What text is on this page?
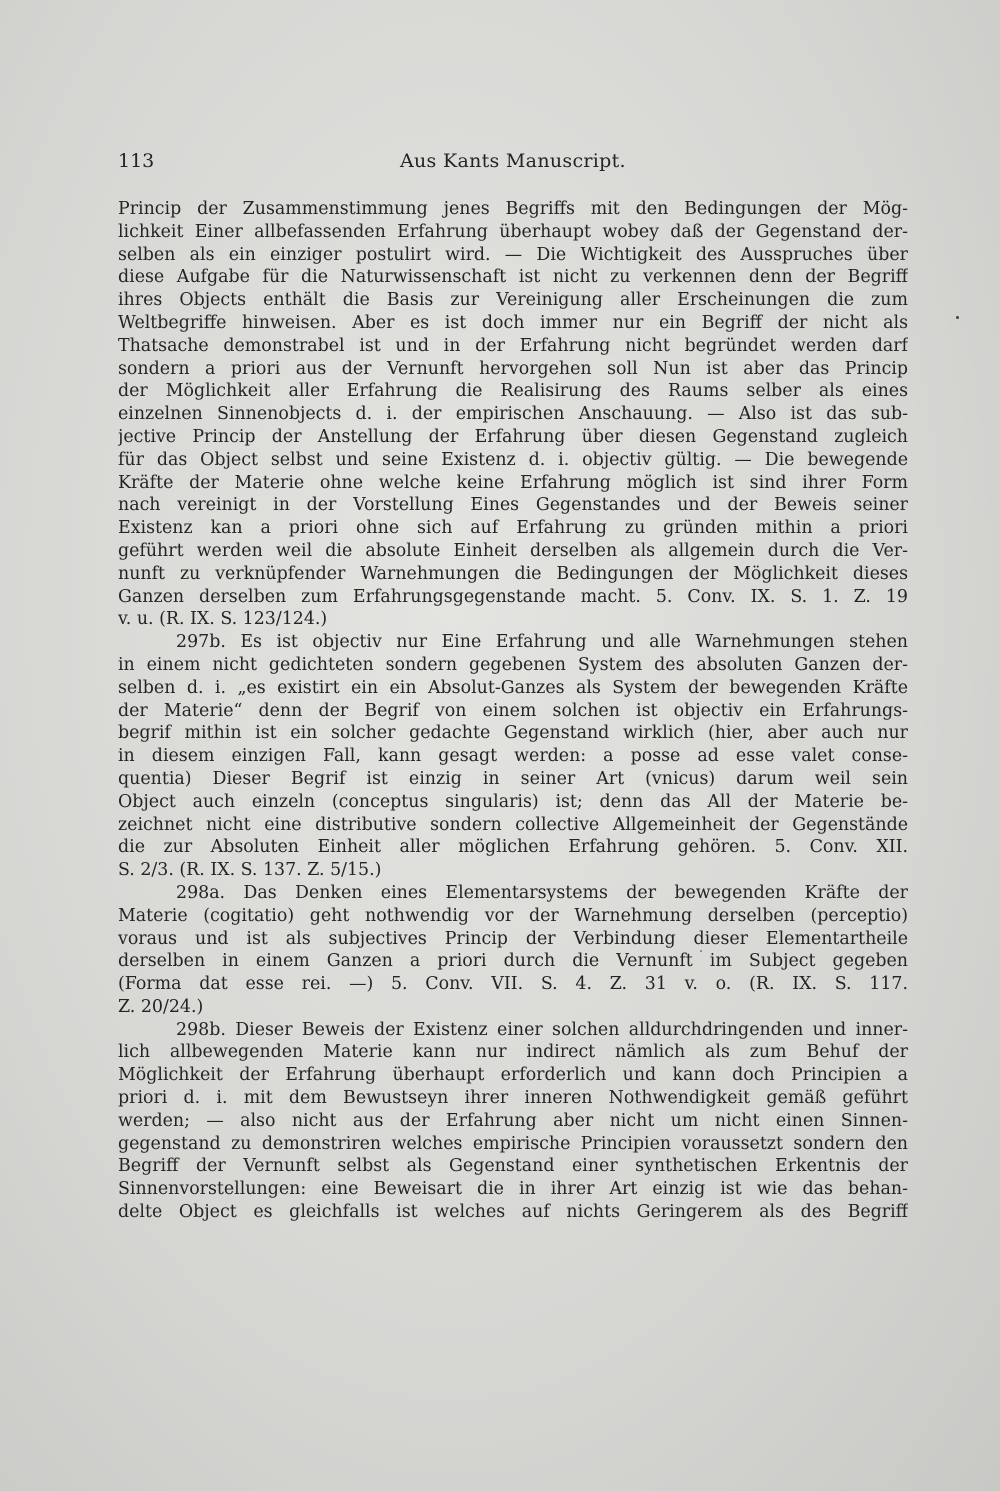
113	Aus Kants Manuscript.
Princip der Zusammenstimmung jenes Begriffs mit den Bedingungen der Mög-
lichkeit Einer allbefassenden Erfahrung überhaupt wobey daß der Gegenstand der-
selben als ein einziger postulirt wird. — Die Wichtigkeit des Ausspruches über
diese Aufgabe für die Naturwissenschaft ist nicht zu verkennen denn der Begriff
ihres Objects enthält die Basis zur Vereinigung aller Erscheinungen die zum
Weltbegriffe hinweisen. Aber es ist doch immer nur ein Begriff der nicht als
Thatsache demonstrabel ist und in der Erfahrung nicht begründet werden darf
sondern a priori aus der Vernunft hervorgehen soll Nun ist aber das Princip
der Möglichkeit aller Erfahrung die Realisirung des Raums selber als eines
einzelnen Sinnenobjects d. i. der empirischen Anschauung. — Also ist das sub-
jective Princip der Anstellung der Erfahrung über diesen Gegenstand zugleich
für das Object selbst und seine Existenz d. i. objectiv gültig. — Die bewegende
Kräfte der Materie ohne welche keine Erfahrung möglich ist sind ihrer Form
nach vereinigt in der Vorstellung Eines Gegenstandes und der Beweis seiner
Existenz kan a priori ohne sich auf Erfahrung zu gründen mithin a priori
geführt werden weil die absolute Einheit derselben als allgemein durch die Ver-
nunft zu verknüpfender Warnehmungen die Bedingungen der Möglichkeit dieses
Ganzen derselben zum Erfahrungsgegenstande macht. 5. Conv. IX. S. 1. Z. 19
v. u. (R. IX. S. 123/124.)
297b. Es ist objectiv nur Eine Erfahrung und alle Warnehmungen stehen
in einem nicht gedichteten sondern gegebenen System des absoluten Ganzen der-
selben d. i. „es existirt ein ein Absolut-Ganzes als System der bewegenden Kräfte
der Materie“ denn der Begrif von einem solchen ist objectiv ein Erfahrungs-
begrif mithin ist ein solcher gedachte Gegenstand wirklich (hier, aber auch nur
in diesem einzigen Fall, kann gesagt werden: a posse ad esse valet conse-
quentia) Dieser Begrif ist einzig in seiner Art (vnicus) darum weil sein
Object auch einzeln (conceptus singularis) ist; denn das All der Materie be-
zeichnet nicht eine distributive sondern collective Allgemeinheit der Gegenstände
die zur Absoluten Einheit aller möglichen Erfahrung gehören. 5. Conv. XII.
S. 2/3. (R. IX. S. 137. Z. 5/15.)
298a. Das Denken eines Elementarsystems der bewegenden Kräfte der
Materie (cogitatio) geht nothwendig vor der Warnehmung derselben (perceptio)
voraus und ist als subjectives Princip der Verbindung dieser Elementartheile
derselben in einem Ganzen a priori durch die Vernunft im Subject gegeben
(Forma dat esse rei. —) 5. Conv. VII. S. 4. Z. 31 v. o. (R. IX. S. 117.
Z. 20/24.)
298b. Dieser Beweis der Existenz einer solchen alldurchdringenden und inner-
lich allbewegenden Materie kann nur indirect nämlich als zum Behuf der
Möglichkeit der Erfahrung überhaupt erforderlich und kann doch Principien a
priori d. i. mit dem Bewustseyn ihrer inneren Nothwendigkeit gemäß geführt
werden; — also nicht aus der Erfahrung aber nicht um nicht einen Sinnen-
gegenstand zu demonstriren welches empirische Principien voraussetzt sondern den
Begriff der Vernunft selbst als Gegenstand einer synthetischen Erkentnis der
Sinnenvorstellungen: eine Beweisart die in ihrer Art einzig ist wie das behan-
delte Object es gleichfalls ist welches auf nichts Geringerem als des Begriff
